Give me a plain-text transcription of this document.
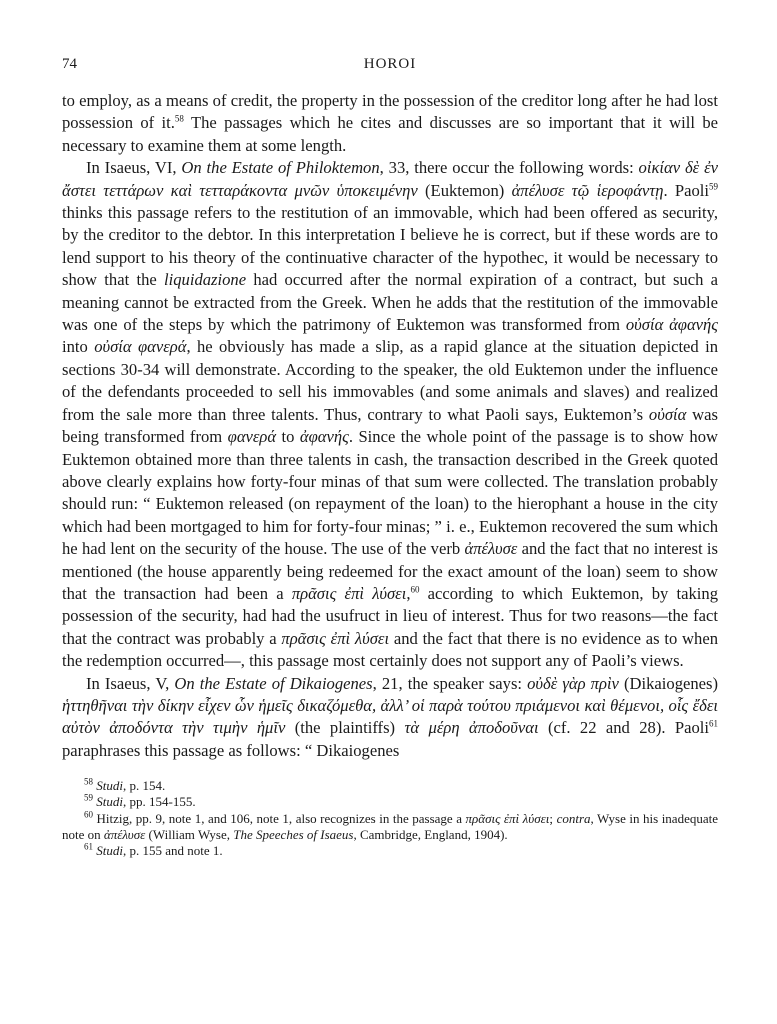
74	HOROI

to employ, as a means of credit, the property in the possession of the creditor long after he had lost possession of it.$^{58}$ The passages which he cites and discusses are so important that it will be necessary to examine them at some length.

In Isaeus, VI, On the Estate of Philoktemon, 33, there occur the following words: οἰκίαν δὲ ἐν ἄστει τεττάρων καὶ τετταράκοντα μνῶν ὑποκειμένην (Euktemon) ἀπέλυσε τῷ ἱεροφάντῃ. Paoli$^{59}$ thinks this passage refers to the restitution of an immovable, which had been offered as security, by the creditor to the debtor. In this interpretation I believe he is correct, but if these words are to lend support to his theory of the continuative character of the hypothec, it would be necessary to show that the liquidazione had occurred after the normal expiration of a contract, but such a meaning cannot be extracted from the Greek. When he adds that the restitution of the immovable was one of the steps by which the patrimony of Euktemon was transformed from οὐσία ἀφανής into οὐσία φανερά, he obviously has made a slip, as a rapid glance at the situation depicted in sections 30-34 will demonstrate. According to the speaker, the old Euktemon under the influence of the defendants proceeded to sell his immovables (and some animals and slaves) and realized from the sale more than three talents. Thus, contrary to what Paoli says, Euktemon’s οὐσία was being transformed from φανερά to ἀφανής. Since the whole point of the passage is to show how Euktemon obtained more than three talents in cash, the transaction described in the Greek quoted above clearly explains how forty-four minas of that sum were collected. The translation probably should run: “ Euktemon released (on repayment of the loan) to the hierophant a house in the city which had been mortgaged to him for forty-four minas; ” i. e., Euktemon recovered the sum which he had lent on the security of the house. The use of the verb ἀπέλυσε and the fact that no interest is mentioned (the house apparently being redeemed for the exact amount of the loan) seem to show that the transaction had been a πρᾶσις ἐπὶ λύσει,$^{60}$ according to which Euktemon, by taking possession of the security, had had the usufruct in lieu of interest. Thus for two reasons—the fact that the contract was probably a πρᾶσις ἐπὶ λύσει and the fact that there is no evidence as to when the redemption occurred—, this passage most certainly does not support any of Paoli’s views.

In Isaeus, V, On the Estate of Dikaiogenes, 21, the speaker says: οὐδὲ γὰρ πρὶν (Dikaiogenes) ἡττηθῆναι τὴν δίκην εἶχεν ὧν ἡμεῖς δικαζόμεθα, ἀλλ’ οἱ παρὰ τούτου πριάμενοι καὶ θέμενοι, οἷς ἔδει αὐτὸν ἀποδόντα τὴν τιμὴν ἡμῖν (the plaintiffs) τὰ μέρη ἀποδοῦναι (cf. 22 and 28). Paoli$^{61}$ paraphrases this passage as follows: “ Dikaiogenes

$^{58}$ Studi, p. 154.

$^{59}$ Studi, pp. 154-155.

$^{60}$ Hitzig, pp. 9, note 1, and 106, note 1, also recognizes in the passage a πρᾶσις ἐπὶ λύσει; contra, Wyse in his inadequate note on ἀπέλυσε (William Wyse, The Speeches of Isaeus, Cambridge, England, 1904).

$^{61}$ Studi, p. 155 and note 1.
